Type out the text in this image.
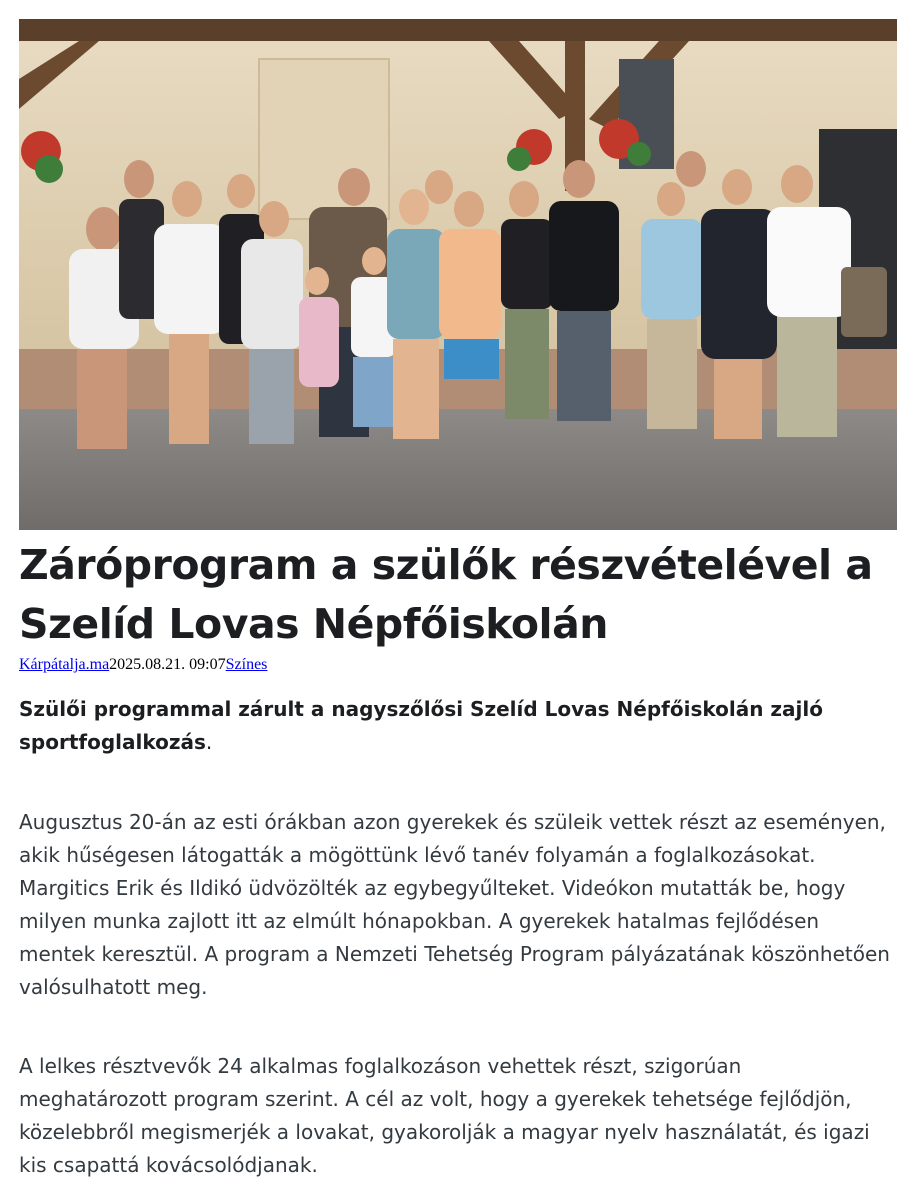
Záróprogram a szülők részvételével a Szelíd Lovas Népfőiskolán
Kárpátalja.ma2025.08.21. 09:07Színes

Szülői programmal zárult a nagyszőlősi Szelíd Lovas Népfőiskolán zajló sportfoglalkozás.

Augusztus 20-án az esti órákban azon gyerekek és szüleik vettek részt az eseményen, akik hűségesen látogatták a mögöttünk lévő tanév folyamán a foglalkozásokat. Margitics Erik és Ildikó üdvözölték az egybegyűlteket. Videókon mutatták be, hogy milyen munka zajlott itt az elmúlt hónapokban. A gyerekek hatalmas fejlődésen mentek keresztül. A program a Nemzeti Tehetség Program pályázatának köszönhetően valósulhatott meg.

A lelkes résztvevők 24 alkalmas foglalkozáson vehettek részt, szigorúan meghatározott program szerint. A cél az volt, hogy a gyerekek tehetsége fejlődjön, közelebbről megismerjék a lovakat, gyakorolják a magyar nyelv használatát, és igazi kis csapattá kovácsolódjanak.
